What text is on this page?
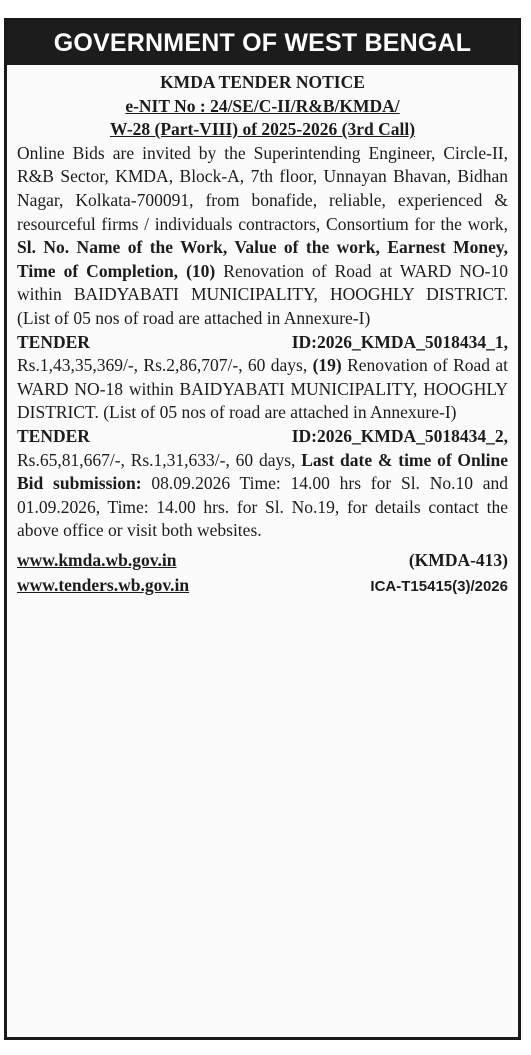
GOVERNMENT OF WEST BENGAL
KMDA TENDER NOTICE
e-NIT No : 24/SE/C-II/R&B/KMDA/
W-28 (Part-VIII) of 2025-2026 (3rd Call)

Online Bids are invited by the Superintending Engineer, Circle-II, R&B Sector, KMDA, Block-A, 7th floor, Unnayan Bhavan, Bidhan Nagar, Kolkata-700091, from bonafide, reliable, experienced & resourceful firms / individuals contractors, Consortium for the work, Sl. No. Name of the Work, Value of the work, Earnest Money, Time of Completion, (10) Renovation of Road at WARD NO-10 within BAIDYABATI MUNICIPALITY, HOOGHLY DISTRICT. (List of 05 nos of road are attached in Annexure-I)

TENDER	ID:2026_KMDA_5018434_1,

Rs.1,43,35,369/-, Rs.2,86,707/-, 60 days, (19) Renovation of Road at WARD NO-18 within BAIDYABATI MUNICIPALITY, HOOGHLY DISTRICT. (List of 05 nos of road are attached in Annexure-I)

TENDER	ID:2026_KMDA_5018434_2,

Rs.65,81,667/-, Rs.1,31,633/-, 60 days, Last date & time of Online Bid submission: 08.09.2026 Time: 14.00 hrs for Sl. No.10 and 01.09.2026, Time: 14.00 hrs. for Sl. No.19, for details contact the above office or visit both websites.

www.kmda.wb.gov.in	(KMDA-413)
www.tenders.wb.gov.in	ICA-T15415(3)/2026
